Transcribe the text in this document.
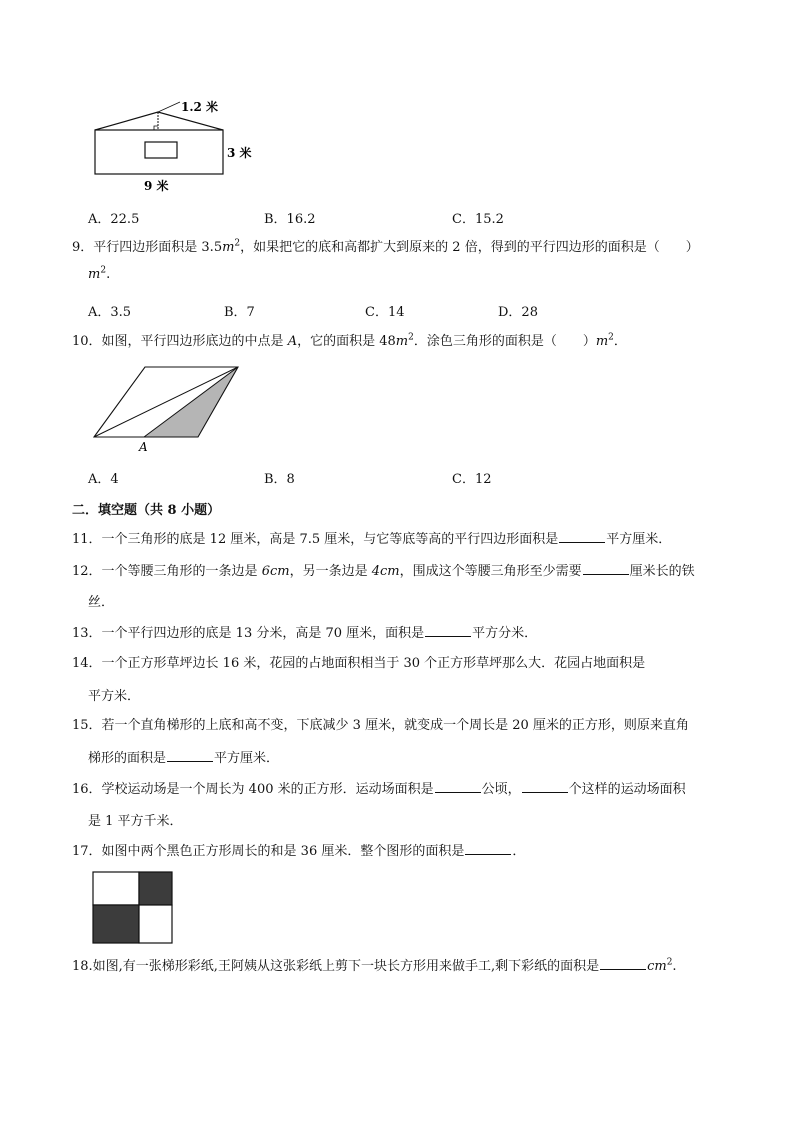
1.2 米
3 米
9 米
A．22.5	B．16.2	C．15.2
9．平行四边形面积是 $3.5m^2$，如果把它的底和高都扩大到原来的 2 倍，得到的平行四边形的面积是（　　）
$m^2$.
A．3.5	B．7	C．14	D．28
10．如图，平行四边形底边的中点是 A，它的面积是 $48m^2$．涂色三角形的面积是（　　）$m^2$．
A
A．4	B．8	C．12
二．填空题（共 8 小题）
11．一个三角形的底是 12 厘米，高是 7.5 厘米，与它等底等高的平行四边形面积是	平方厘米．
12．一个等腰三角形的一条边是 6cm，另一条边是 4cm，围成这个等腰三角形至少需要	厘米长的铁
丝．
13．一个平行四边形的底是 13 分米，高是 70 厘米，面积是	平方分米．
14．一个正方形草坪边长 16 米，花园的占地面积相当于 30 个正方形草坪那么大．花园占地面积是
平方米．
15．若一个直角梯形的上底和高不变，下底减少 3 厘米，就变成一个周长是 20 厘米的正方形，则原来直角
梯形的面积是	平方厘米．
16．学校运动场是一个周长为 400 米的正方形．运动场面积是	公顷，	个这样的运动场面积
是 1 平方千米．
17．如图中两个黑色正方形周长的和是 36 厘米．整个图形的面积是	．
18.如图,有一张梯形彩纸,王阿姨从这张彩纸上剪下一块长方形用来做手工,剩下彩纸的面积是	$cm^2$.
